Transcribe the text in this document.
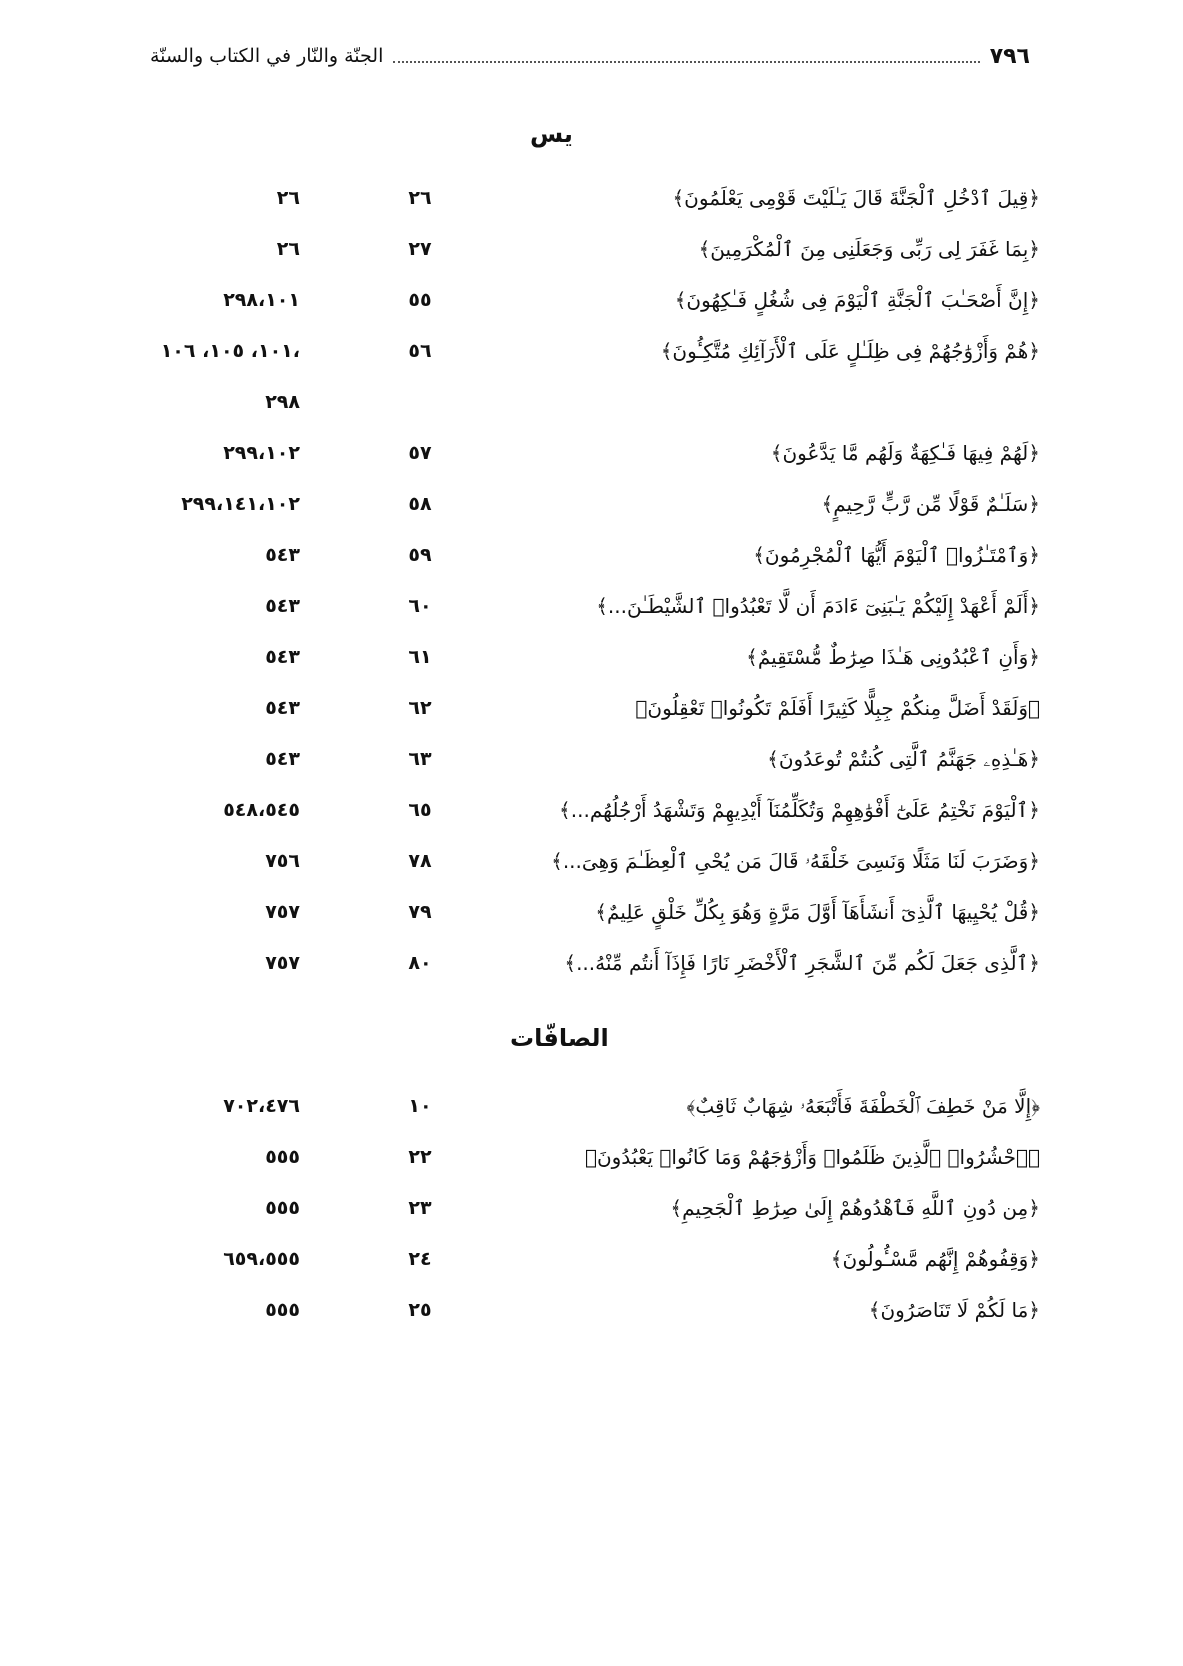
الجنّة والنّار في الكتاب والسنّة	٧٩٦
يس
﴿قِيلَ ٱدْخُلِ ٱلْجَنَّةَ قَالَ يَـٰلَيْتَ قَوْمِى يَعْلَمُونَ﴾
٢٦
٢٦
﴿بِمَا غَفَرَ لِى رَبِّى وَجَعَلَنِى مِنَ ٱلْمُكْرَمِينَ﴾
٢٧
٢٦
﴿إِنَّ أَصْحَـٰبَ ٱلْجَنَّةِ ٱلْيَوْمَ فِى شُغُلٍ فَـٰكِهُونَ﴾
٥٥
٢٩٨،١٠١
﴿هُمْ وَأَزْوَٰجُهُمْ فِى ظِلَـٰلٍ عَلَى ٱلْأَرَآئِكِ مُتَّكِـُٔونَ﴾
٥٦
١٠١، ١٠٥، ١٠٦،
٢٩٨
﴿لَهُمْ فِيهَا فَـٰكِهَةٌ وَلَهُم مَّا يَدَّعُونَ﴾
٥٧
٢٩٩،١٠٢
﴿سَلَـٰمٌ قَوْلًا مِّن رَّبٍّ رَّحِيمٍ﴾
٥٨
٢٩٩،١٤١،١٠٢
﴿وَٱمْتَـٰزُوا۟ ٱلْيَوْمَ أَيُّهَا ٱلْمُجْرِمُونَ﴾
٥٩
٥٤٣
﴿أَلَمْ أَعْهَدْ إِلَيْكُمْ يَـٰبَنِىٓ ءَادَمَ أَن لَّا تَعْبُدُوا۟ ٱلشَّيْطَـٰنَ...﴾
٦٠
٥٤٣
﴿وَأَنِ ٱعْبُدُونِى هَـٰذَا صِرَٰطٌ مُّسْتَقِيمٌ﴾
٦١
٥٤٣
﴿وَلَقَدْ أَضَلَّ مِنكُمْ جِبِلًّا كَثِيرًا أَفَلَمْ تَكُونُوا۟ تَعْقِلُونَ﴾
٦٢
٥٤٣
﴿هَـٰذِهِۦ جَهَنَّمُ ٱلَّتِى كُنتُمْ تُوعَدُونَ﴾
٦٣
٥٤٣
﴿ٱلْيَوْمَ نَخْتِمُ عَلَىٰٓ أَفْوَٰهِهِمْ وَتُكَلِّمُنَآ أَيْدِيهِمْ وَتَشْهَدُ أَرْجُلُهُم...﴾
٦٥
٥٤٨،٥٤٥
﴿وَضَرَبَ لَنَا مَثَلًا وَنَسِىَ خَلْقَهُۥ قَالَ مَن يُحْىِ ٱلْعِظَـٰمَ وَهِىَ...﴾
٧٨
٧٥٦
﴿قُلْ يُحْيِيهَا ٱلَّذِىٓ أَنشَأَهَآ أَوَّلَ مَرَّةٍ وَهُوَ بِكُلِّ خَلْقٍ عَلِيمٌ﴾
٧٩
٧٥٧
﴿ٱلَّذِى جَعَلَ لَكُم مِّنَ ٱلشَّجَرِ ٱلْأَخْضَرِ نَارًا فَإِذَآ أَنتُم مِّنْهُ...﴾
٨٠
٧٥٧
الصافّات
﴿إِلَّا مَنْ خَطِفَ ٱلْخَطْفَةَ فَأَتْبَعَهُۥ شِهَابٌ ثَاقِبٌ﴾
١٠
٧٠٢،٤٧٦
﴿ٱحْشُرُوا۟ ٱلَّذِينَ ظَلَمُوا۟ وَأَزْوَٰجَهُمْ وَمَا كَانُوا۟ يَعْبُدُونَ﴾
٢٢
٥٥٥
﴿مِن دُونِ ٱللَّهِ فَٱهْدُوهُمْ إِلَىٰ صِرَٰطِ ٱلْجَحِيمِ﴾
٢٣
٥٥٥
﴿وَقِفُوهُمْ إِنَّهُم مَّسْـُٔولُونَ﴾
٢٤
٦٥٩،٥٥٥
﴿مَا لَكُمْ لَا تَنَاصَرُونَ﴾
٢٥
٥٥٥
